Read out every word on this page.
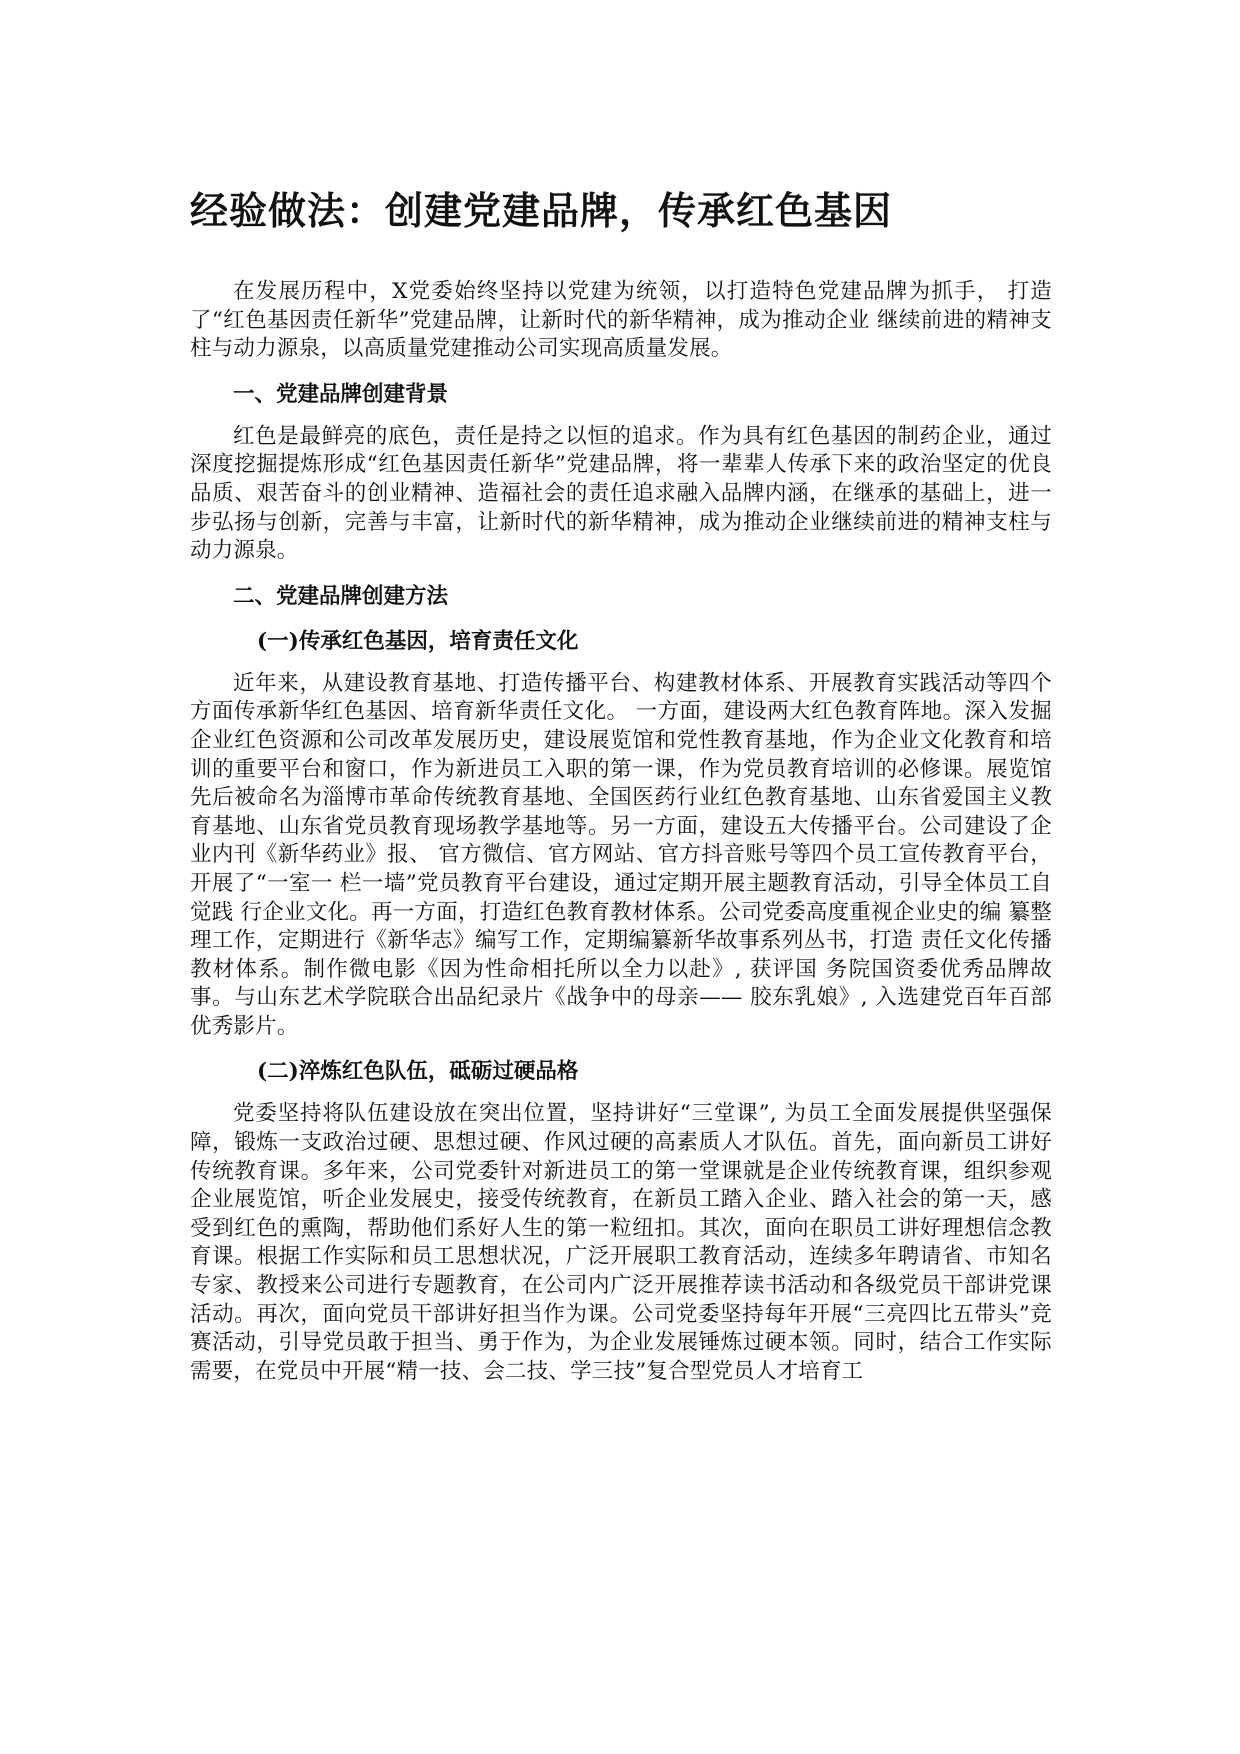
经验做法：创建党建品牌，传承红色基因

在发展历程中，X党委始终坚持以党建为统领，以打造特色党建品牌为抓手， 打造了“红色基因责任新华”党建品牌，让新时代的新华精神，成为推动企业 继续前进的精神支柱与动力源泉，以高质量党建推动公司实现高质量发展。

一、党建品牌创建背景

红色是最鲜亮的底色，责任是持之以恒的追求。作为具有红色基因的制药企业，通过深度挖掘提炼形成“红色基因责任新华”党建品牌，将一辈辈人传承下来的政治坚定的优良品质、艰苦奋斗的创业精神、造福社会的责任追求融入品牌内涵，在继承的基础上，进一步弘扬与创新，完善与丰富，让新时代的新华精神，成为推动企业继续前进的精神支柱与动力源泉。

二、党建品牌创建方法
(一)传承红色基因，培育责任文化

近年来，从建设教育基地、打造传播平台、构建教材体系、开展教育实践活动等四个方面传承新华红色基因、培育新华责任文化。 一方面，建设两大红色教育阵地。深入发掘企业红色资源和公司改革发展历史，建设展览馆和党性教育基地，作为企业文化教育和培训的重要平台和窗口，作为新进员工入职的第一课，作为党员教育培训的必修课。展览馆先后被命名为淄博市革命传统教育基地、全国医药行业红色教育基地、山东省爱国主义教育基地、山东省党员教育现场教学基地等。另一方面，建设五大传播平台。公司建设了企业内刊《新华药业》报、 官方微信、官方网站、官方抖音账号等四个员工宣传教育平台，开展了“一室一 栏一墙”党员教育平台建设，通过定期开展主题教育活动，引导全体员工自觉践 行企业文化。再一方面，打造红色教育教材体系。公司党委高度重视企业史的编 纂整理工作，定期进行《新华志》编写工作，定期编纂新华故事系列丛书，打造 责任文化传播教材体系。制作微电影《因为性命相托所以全力以赴》, 获评国 务院国资委优秀品牌故事。与山东艺术学院联合出品纪录片《战争中的母亲—— 胶东乳娘》, 入选建党百年百部优秀影片。

(二)淬炼红色队伍，砥砺过硬品格

党委坚持将队伍建设放在突出位置，坚持讲好“三堂课”, 为员工全面发展提供坚强保障，锻炼一支政治过硬、思想过硬、作风过硬的高素质人才队伍。首先，面向新员工讲好传统教育课。多年来，公司党委针对新进员工的第一堂课就是企业传统教育课，组织参观企业展览馆，听企业发展史，接受传统教育，在新员工踏入企业、踏入社会的第一天，感受到红色的熏陶，帮助他们系好人生的第一粒纽扣。其次，面向在职员工讲好理想信念教育课。根据工作实际和员工思想状况，广泛开展职工教育活动，连续多年聘请省、市知名专家、教授来公司进行专题教育，在公司内广泛开展推荐读书活动和各级党员干部讲党课活动。再次，面向党员干部讲好担当作为课。公司党委坚持每年开展“三亮四比五带头”竞赛活动，引导党员敢于担当、勇于作为，为企业发展锤炼过硬本领。同时，结合工作实际需要，在党员中开展“精一技、会二技、学三技”复合型党员人才培育工
